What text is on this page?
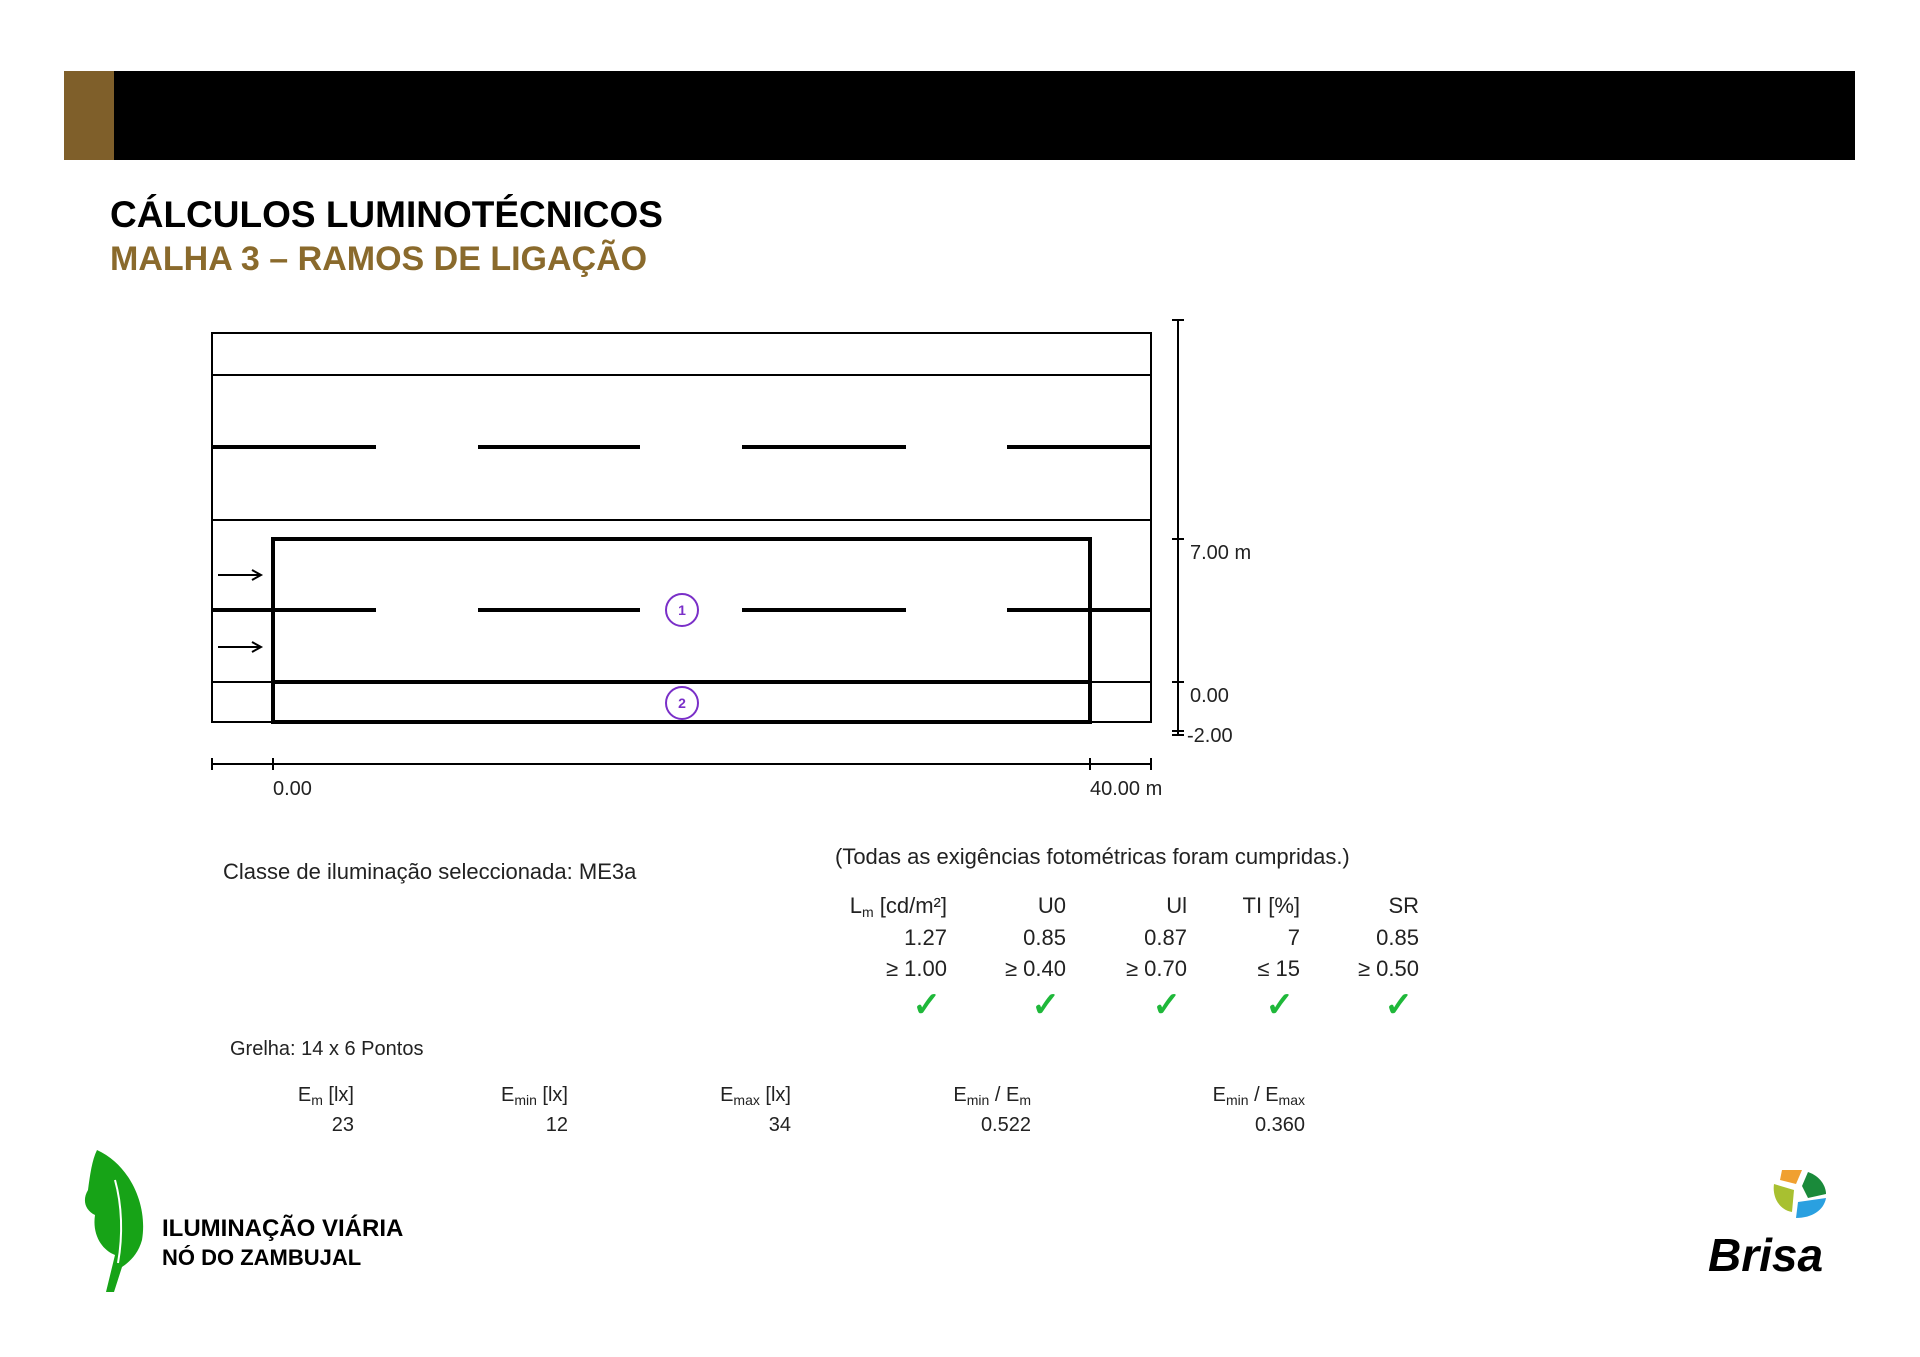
CÁLCULOS LUMINOTÉCNICOS
MALHA 3 – RAMOS DE LIGAÇÃO
1
2
7.00 m
0.00
-2.00
0.00	40.00 m
Classe de iluminação seleccionada: ME3a
(Todas as exigências fotométricas foram cumpridas.)
$L_m$ [cd/m²]	U0	Ul	TI [%]	SR
1.27	0.85	0.87	7	0.85
≥ 1.00	≥ 0.40	≥ 0.70	≤ 15	≥ 0.50
✓	✓	✓ ✓	✓
Grelha: 14 x 6 Pontos
$E_m$ [lx]	$E_{min}$ [lx]	$E_{max}$ [lx]	$E_{min} / E_m$	$E_{min} / E_{max}$
23	12	34	0.522	0.360
ILUMINAÇÃO VIÁRIA
NÓ DO ZAMBUJAL	Brisa
